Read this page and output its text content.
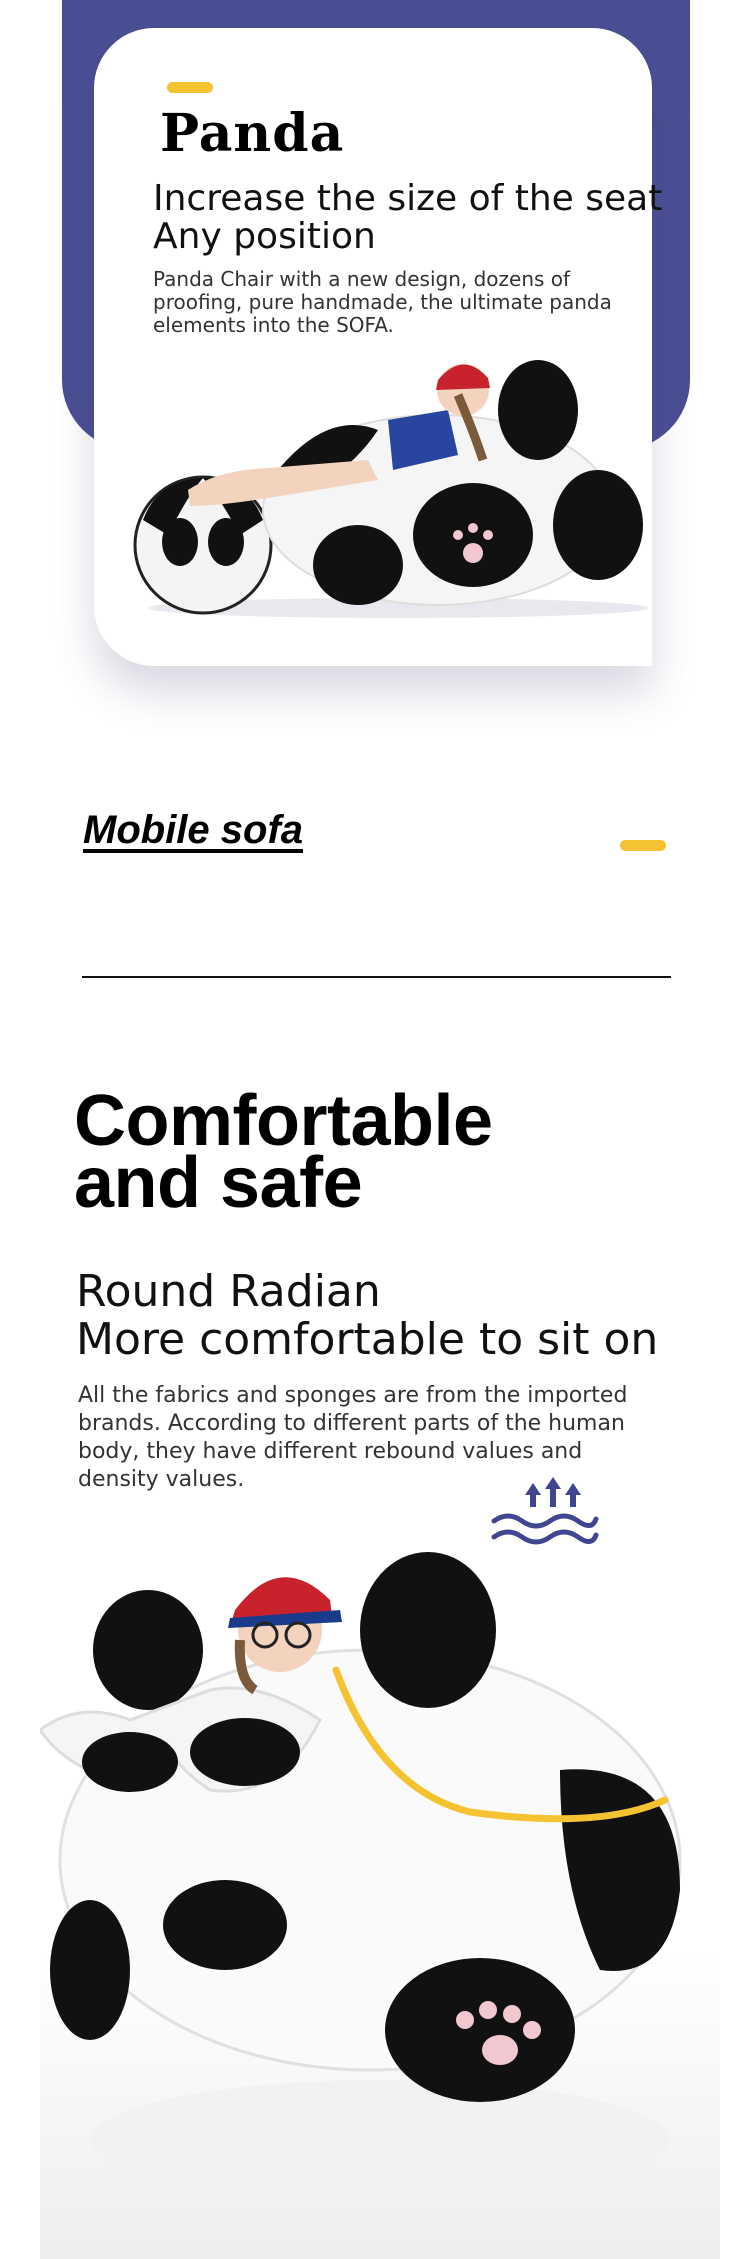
Panda
Increase the size of the seat
Any position
Panda Chair with a new design, dozens of proofing, pure handmade, the ultimate panda elements into the SOFA.
Mobile sofa
Comfortable
and safe
Round Radian
More comfortable to sit on
All the fabrics and sponges are from the imported brands. According to different parts of the human body, they have different rebound values and density values.
